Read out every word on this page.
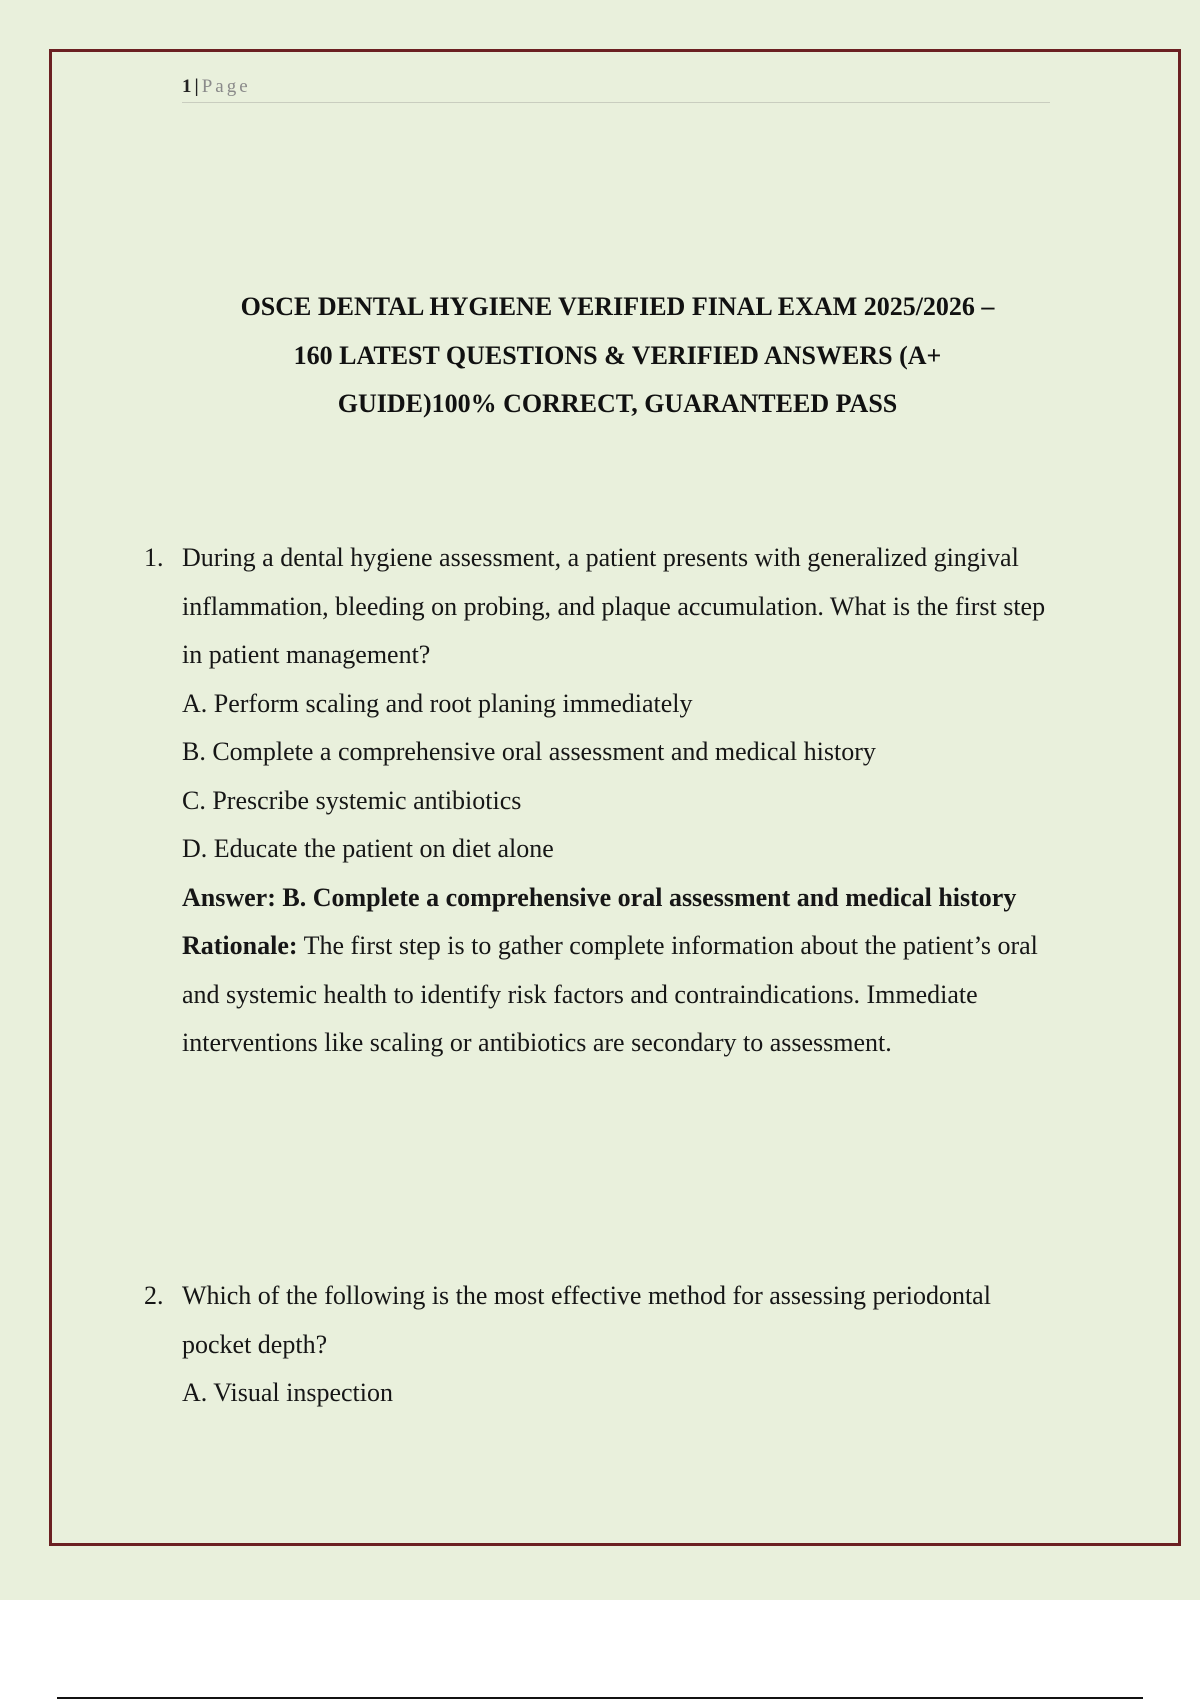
1 | Page
OSCE DENTAL HYGIENE VERIFIED FINAL EXAM 2025/2026 –
160 LATEST QUESTIONS & VERIFIED ANSWERS (A+
GUIDE)100% CORRECT, GUARANTEED PASS
1. During a dental hygiene assessment, a patient presents with generalized gingival inflammation, bleeding on probing, and plaque accumulation. What is the first step in patient management?

A. Perform scaling and root planing immediately

B. Complete a comprehensive oral assessment and medical history

C. Prescribe systemic antibiotics

D. Educate the patient on diet alone

Answer: B. Complete a comprehensive oral assessment and medical history

Rationale: The first step is to gather complete information about the patient’s oral and systemic health to identify risk factors and contraindications. Immediate interventions like scaling or antibiotics are secondary to assessment.

2. Which of the following is the most effective method for assessing periodontal pocket depth?

A. Visual inspection
